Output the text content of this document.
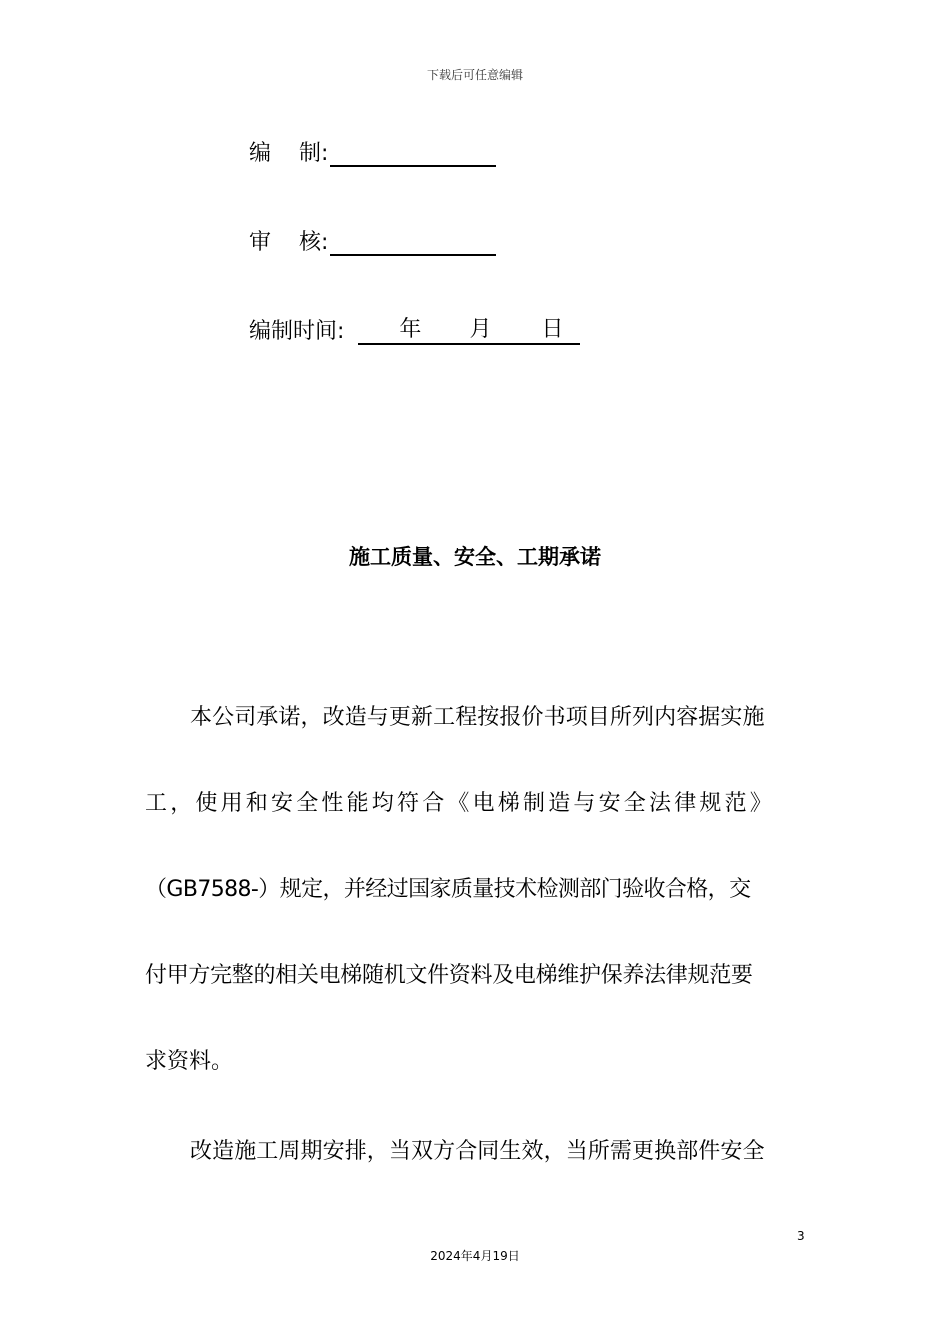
下载后可任意编辑
编    制:
审    核:
编制时间:	年 月 日
施工质量、安全、工期承诺
本公司承诺，改造与更新工程按报价书项目所列内容据实施
工，使用和安全性能均符合《电梯制造与安全法律规范》
（GB7588-）规定，并经过国家质量技术检测部门验收合格，交
付甲方完整的相关电梯随机文件资料及电梯维护保养法律规范要
求资料。
改造施工周期安排，当双方合同生效，当所需更换部件安全
3
2024年4月19日
